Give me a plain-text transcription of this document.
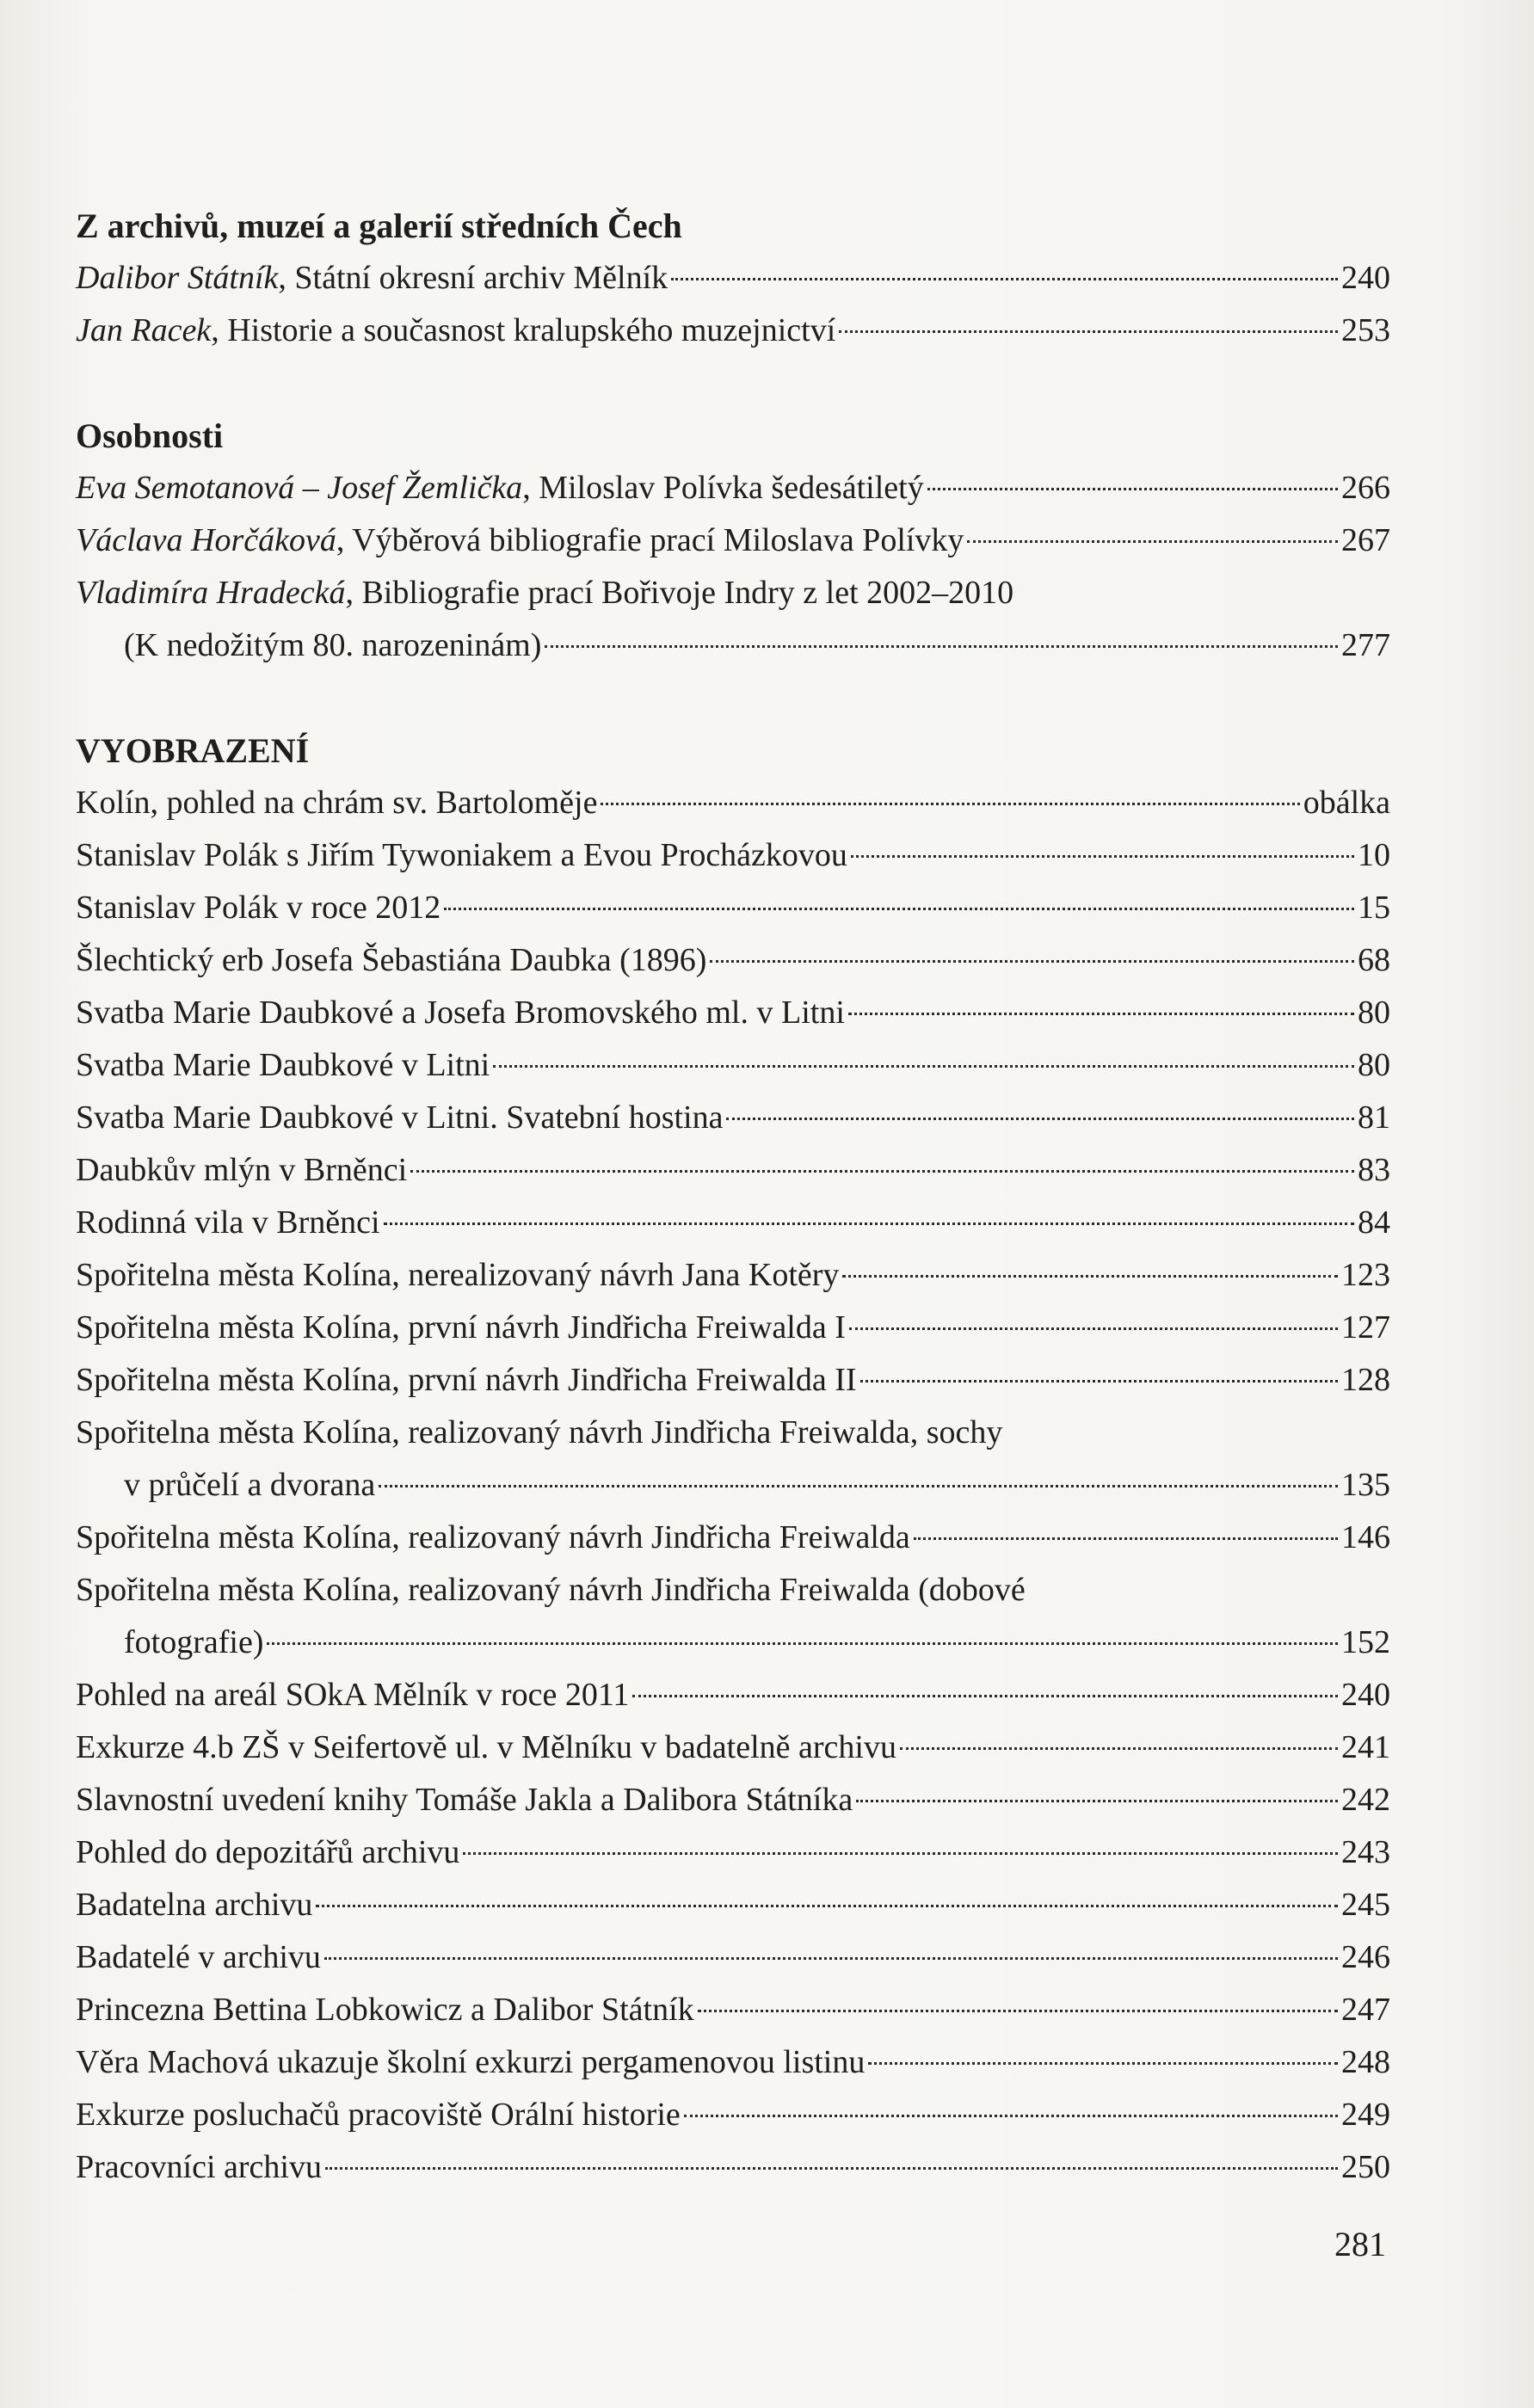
Z archivů, muzeí a galerií středních Čech
Dalibor Státník, Státní okresní archiv Mělník	240
Jan Racek, Historie a současnost kralupského muzejnictví	253
Osobnosti
Eva Semotanová – Josef Žemlička, Miloslav Polívka šedesátiletý	266
Václava Horčáková, Výběrová bibliografie prací Miloslava Polívky	267
Vladimíra Hradecká, Bibliografie prací Bořivoje Indry z let 2002–2010
(K nedožitým 80. narozeninám)	277
VYOBRAZENÍ
Kolín, pohled na chrám sv. Bartoloměje	obálka
Stanislav Polák s Jiřím Tywoniakem a Evou Procházkovou	10
Stanislav Polák v roce 2012	15
Šlechtický erb Josefa Šebastiána Daubka (1896)	68
Svatba Marie Daubkové a Josefa Bromovského ml. v Litni	80
Svatba Marie Daubkové v Litni	80
Svatba Marie Daubkové v Litni. Svatební hostina	81
Daubkův mlýn v Brněnci	83
Rodinná vila v Brněnci	84
Spořitelna města Kolína, nerealizovaný návrh Jana Kotěry	123
Spořitelna města Kolína, první návrh Jindřicha Freiwalda I	127
Spořitelna města Kolína, první návrh Jindřicha Freiwalda II	128
Spořitelna města Kolína, realizovaný návrh Jindřicha Freiwalda, sochy
v průčelí a dvorana	135
Spořitelna města Kolína, realizovaný návrh Jindřicha Freiwalda	146
Spořitelna města Kolína, realizovaný návrh Jindřicha Freiwalda (dobové
fotografie)	152
Pohled na areál SOkA Mělník v roce 2011	240
Exkurze 4.b ZŠ v Seifertově ul. v Mělníku v badatelně archivu	241
Slavnostní uvedení knihy Tomáše Jakla a Dalibora Státníka	242
Pohled do depozitářů archivu	243
Badatelna archivu	245
Badatelé v archivu	246
Princezna Bettina Lobkowicz a Dalibor Státník	247
Věra Machová ukazuje školní exkurzi pergamenovou listinu	248
Exkurze posluchačů pracoviště Orální historie	249
Pracovníci archivu	250
281
